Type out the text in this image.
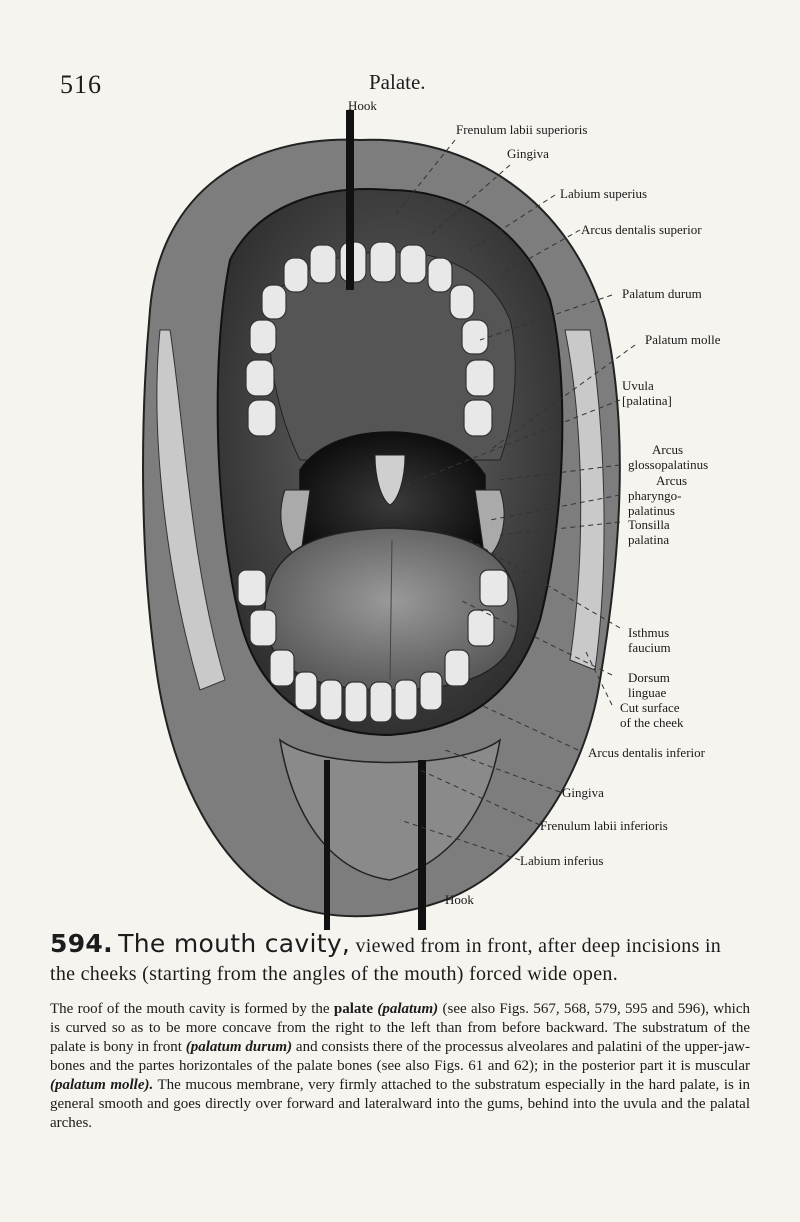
516	Palate.
Hook
Frenulum labii superioris
Gingiva
Labium superius
Arcus dentalis superior
Palatum durum
Palatum molle
Uvula
[palatina]
Arcus
glossopalatinus
Arcus
pharyngo-
palatinus
Tonsilla
palatina
Isthmus
faucium
Dorsum
linguae
Cut surface
of the cheek
Arcus dentalis inferior
Gingiva
Frenulum labii inferioris
Labium inferius
Hook
594. The mouth cavity, viewed from in front, after deep incisions in the cheeks (starting from the angles of the mouth) forced wide open.
The roof of the mouth cavity is formed by the palate (palatum) (see also Figs. 567, 568, 579, 595 and 596), which is curved so as to be more concave from the right to the left than from before backward. The substratum of the palate is bony in front (palatum durum) and consists there of the processus alveolares and palatini of the upper-jaw-bones and the partes horizontales of the palate bones (see also Figs. 61 and 62); in the posterior part it is muscular (palatum molle). The mucous membrane, very firmly attached to the substratum especially in the hard palate, is in general smooth and goes directly over forward and lateralward into the gums, behind into the uvula and the palatal arches.
